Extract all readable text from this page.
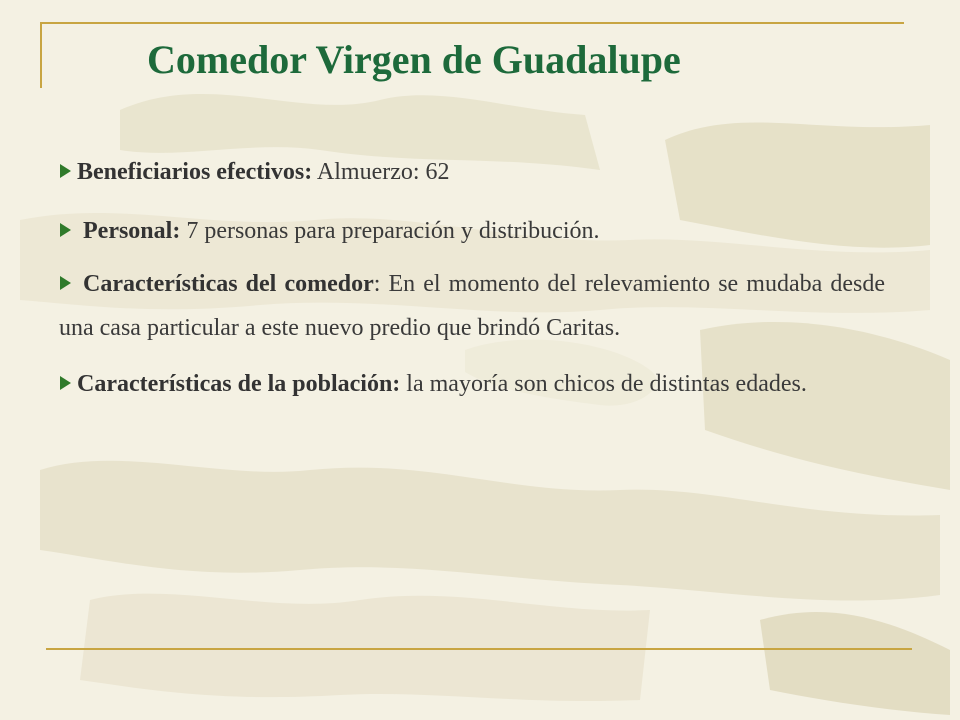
Comedor Virgen de Guadalupe

Beneficiarios efectivos: Almuerzo: 62

Personal: 7 personas para preparación y distribución.

Características del comedor: En el momento del relevamiento se mudaba desde una casa particular a este nuevo predio que brindó Caritas.

Características de la población: la mayoría son chicos de distintas edades.
